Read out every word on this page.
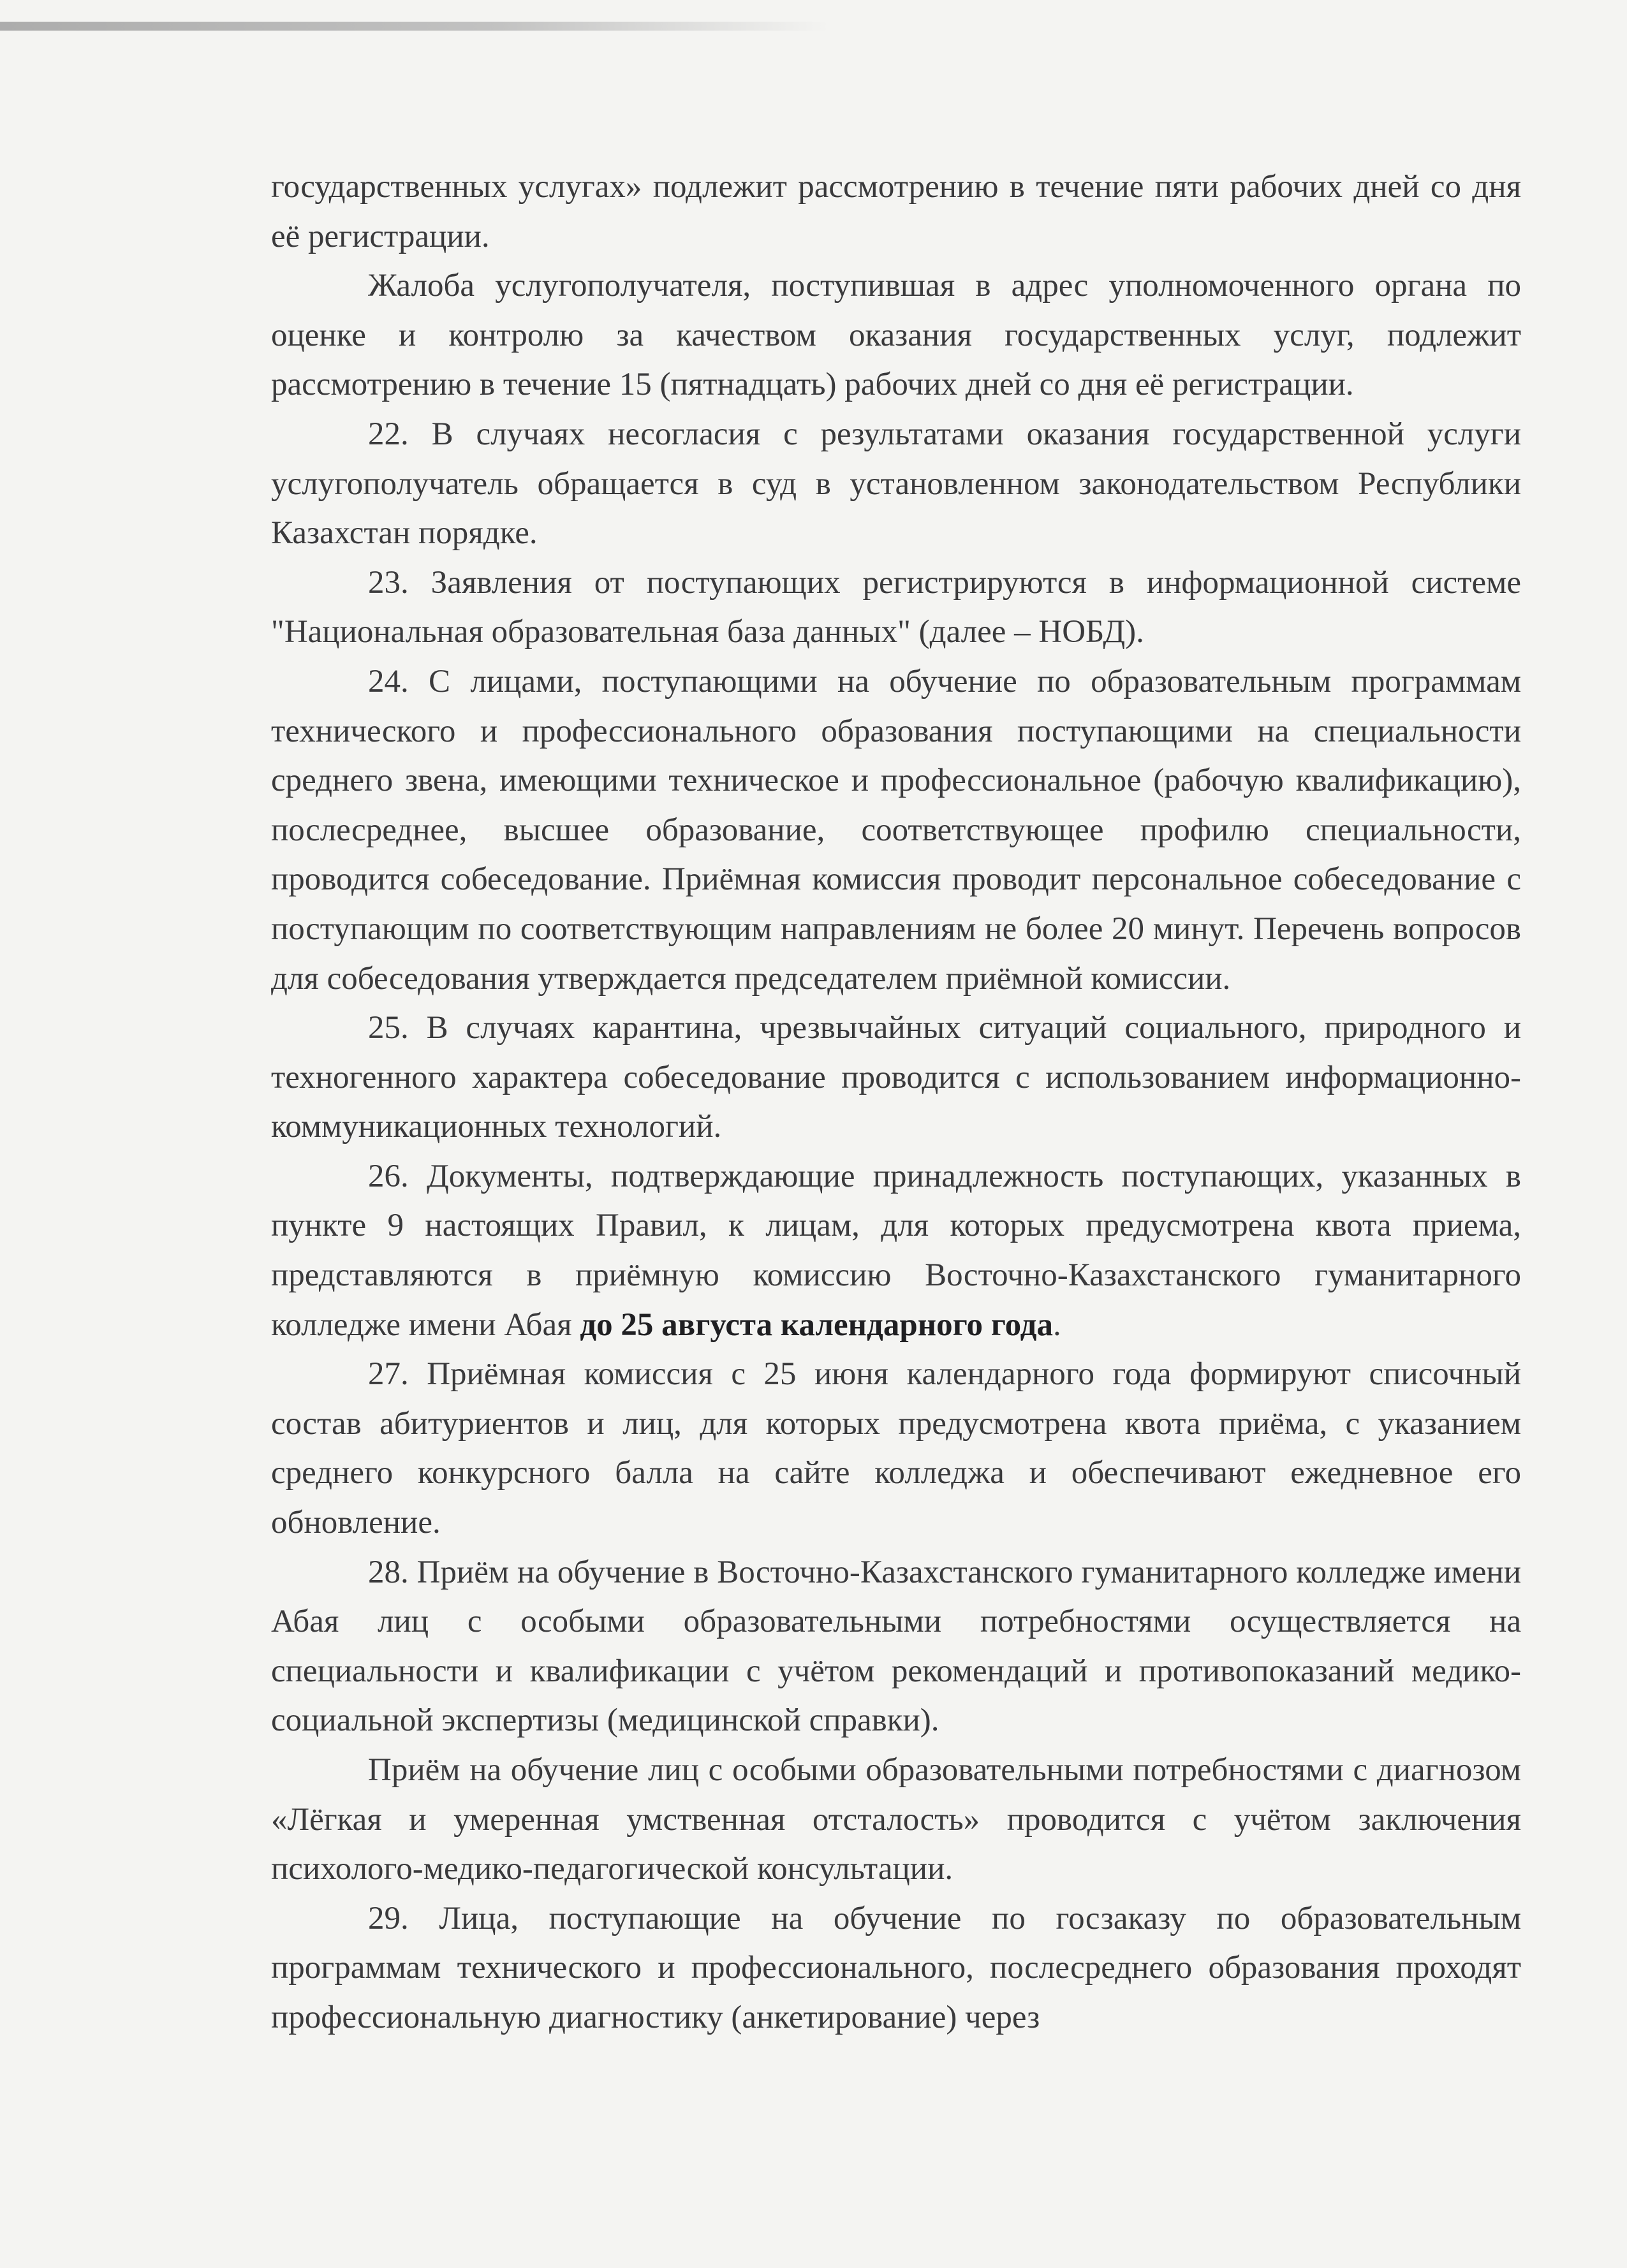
государственных услугах» подлежит рассмотрению в течение пяти рабочих дней со дня её регистрации.

Жалоба услугополучателя, поступившая в адрес уполномоченного органа по оценке и контролю за качеством оказания государственных услуг, подлежит рассмотрению в течение 15 (пятнадцать) рабочих дней со дня её регистрации.

22. В случаях несогласия с результатами оказания государственной услуги услугополучатель обращается в суд в установленном законодательством Республики Казахстан порядке.

23. Заявления от поступающих регистрируются в информационной системе "Национальная образовательная база данных" (далее – НОБД).

24. С лицами, поступающими на обучение по образовательным программам технического и профессионального образования поступающими на специальности среднего звена, имеющими техническое и профессиональное (рабочую квалификацию), послесреднее, высшее образование, соответствующее профилю специальности, проводится собеседование. Приёмная комиссия проводит персональное собеседование с поступающим по соответствующим направлениям не более 20 минут. Перечень вопросов для собеседования утверждается председателем приёмной комиссии.

25. В случаях карантина, чрезвычайных ситуаций социального, природного и техногенного характера собеседование проводится с использованием информационно-коммуникационных технологий.

26. Документы, подтверждающие принадлежность поступающих, указанных в пункте 9 настоящих Правил, к лицам, для которых предусмотрена квота приема, представляются в приёмную комиссию Восточно-Казахстанского гуманитарного колледже имени Абая до 25 августа календарного года.

27. Приёмная комиссия с 25 июня календарного года формируют списочный состав абитуриентов и лиц, для которых предусмотрена квота приёма, с указанием среднего конкурсного балла на сайте колледжа и обеспечивают ежедневное его обновление.

28. Приём на обучение в Восточно-Казахстанского гуманитарного колледже имени Абая лиц с особыми образовательными потребностями осуществляется на специальности и квалификации с учётом рекомендаций и противопоказаний медико-социальной экспертизы (медицинской справки).

Приём на обучение лиц с особыми образовательными потребностями с диагнозом «Лёгкая и умеренная умственная отсталость» проводится с учётом заключения психолого-медико-педагогической консультации.

29. Лица, поступающие на обучение по госзаказу по образовательным программам технического и профессионального, послесреднего образования проходят профессиональную диагностику (анкетирование) через
